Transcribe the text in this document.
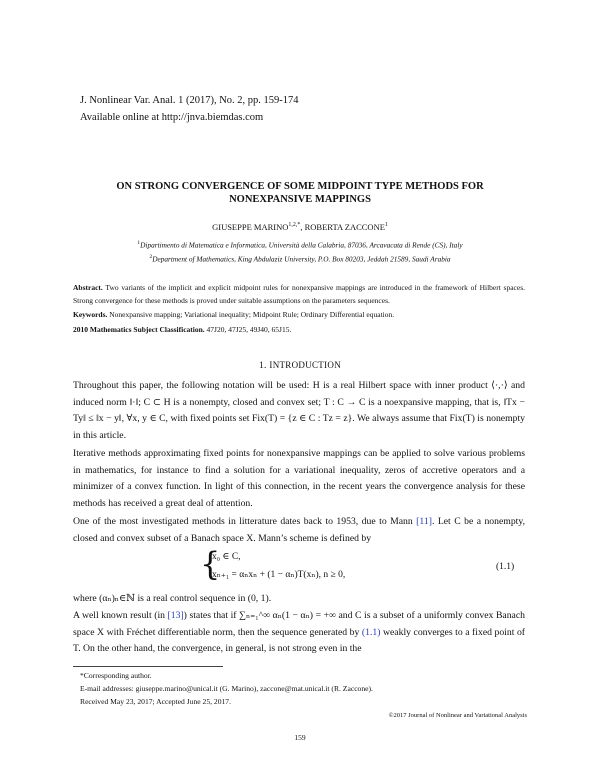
J. Nonlinear Var. Anal. 1 (2017), No. 2, pp. 159-174
Available online at http://jnva.biemdas.com
ON STRONG CONVERGENCE OF SOME MIDPOINT TYPE METHODS FOR
NONEXPANSIVE MAPPINGS
GIUSEPPE $MARINO^{1,2,*}$, ROBERTA ZACCONE$^1$
$^1$Dipartimento di Matematica e Informatica, Università della Calabria, 87036, Arcavacata di Rende (CS), Italy
$^2$Department of Mathematics, King Abdulaziz University, P.O. Box 80203, Jeddah 21589, Saudi Arabia
Abstract. Two variants of the implicit and explicit midpoint rules for nonexpansive mappings are introduced in the framework of Hilbert spaces. Strong convergence for these methods is proved under suitable assumptions on the parameters sequences.
Keywords. Nonexpansive mapping; Variational inequality; Midpoint Rule; Ordinary Differential equation.
2010 Mathematics Subject Classification. 47J20, 47J25, 49J40, 65J15.
1. INTRODUCTION

Throughout this paper, the following notation will be used: H is a real Hilbert space with inner product ⟨·,·⟩ and induced norm ‖·‖; C ⊂ H is a nonempty, closed and convex set; T : C → C is a noexpansive mapping, that is, ‖Tx − Ty‖ ≤ ‖x − y‖, ∀x, y ∈ C, with fixed points set Fix(T) = {z ∈ C : Tz = z}. We always assume that Fix(T) is nonempty in this article.

Iterative methods approximating fixed points for nonexpansive mappings can be applied to solve various problems in mathematics, for instance to find a solution for a variational inequality, zeros of accretive operators and a minimizer of a convex function. In light of this connection, in the recent years the convergence analysis for these methods has received a great deal of attention.

One of the most investigated methods in litterature dates back to 1953, due to Mann [11]. Let C be a nonempty, closed and convex subset of a Banach space X. Mann’s scheme is defined by

{
x₀ ∈ C,
xₙ₊₁ = αₙxₙ + (1 − αₙ)T(xₙ), n ≥ 0,
(1.1)

where (αₙ)ₙ∈ℕ is a real control sequence in (0, 1).

A well known result (in [13]) states that if ∑ₙ₌₁^∞ αₙ(1 − αₙ) = +∞ and C is a subset of a uniformly convex Banach space X with Fréchet differentiable norm, then the sequence generated by (1.1) weakly converges to a fixed point of T. On the other hand, the convergence, in general, is not strong even in the

*Corresponding author.
E-mail addresses: giuseppe.marino@unical.it (G. Marino), zaccone@mat.unical.it (R. Zaccone).
Received May 23, 2017; Accepted June 25, 2017.
©2017 Journal of Nonlinear and Variational Analysis
159
